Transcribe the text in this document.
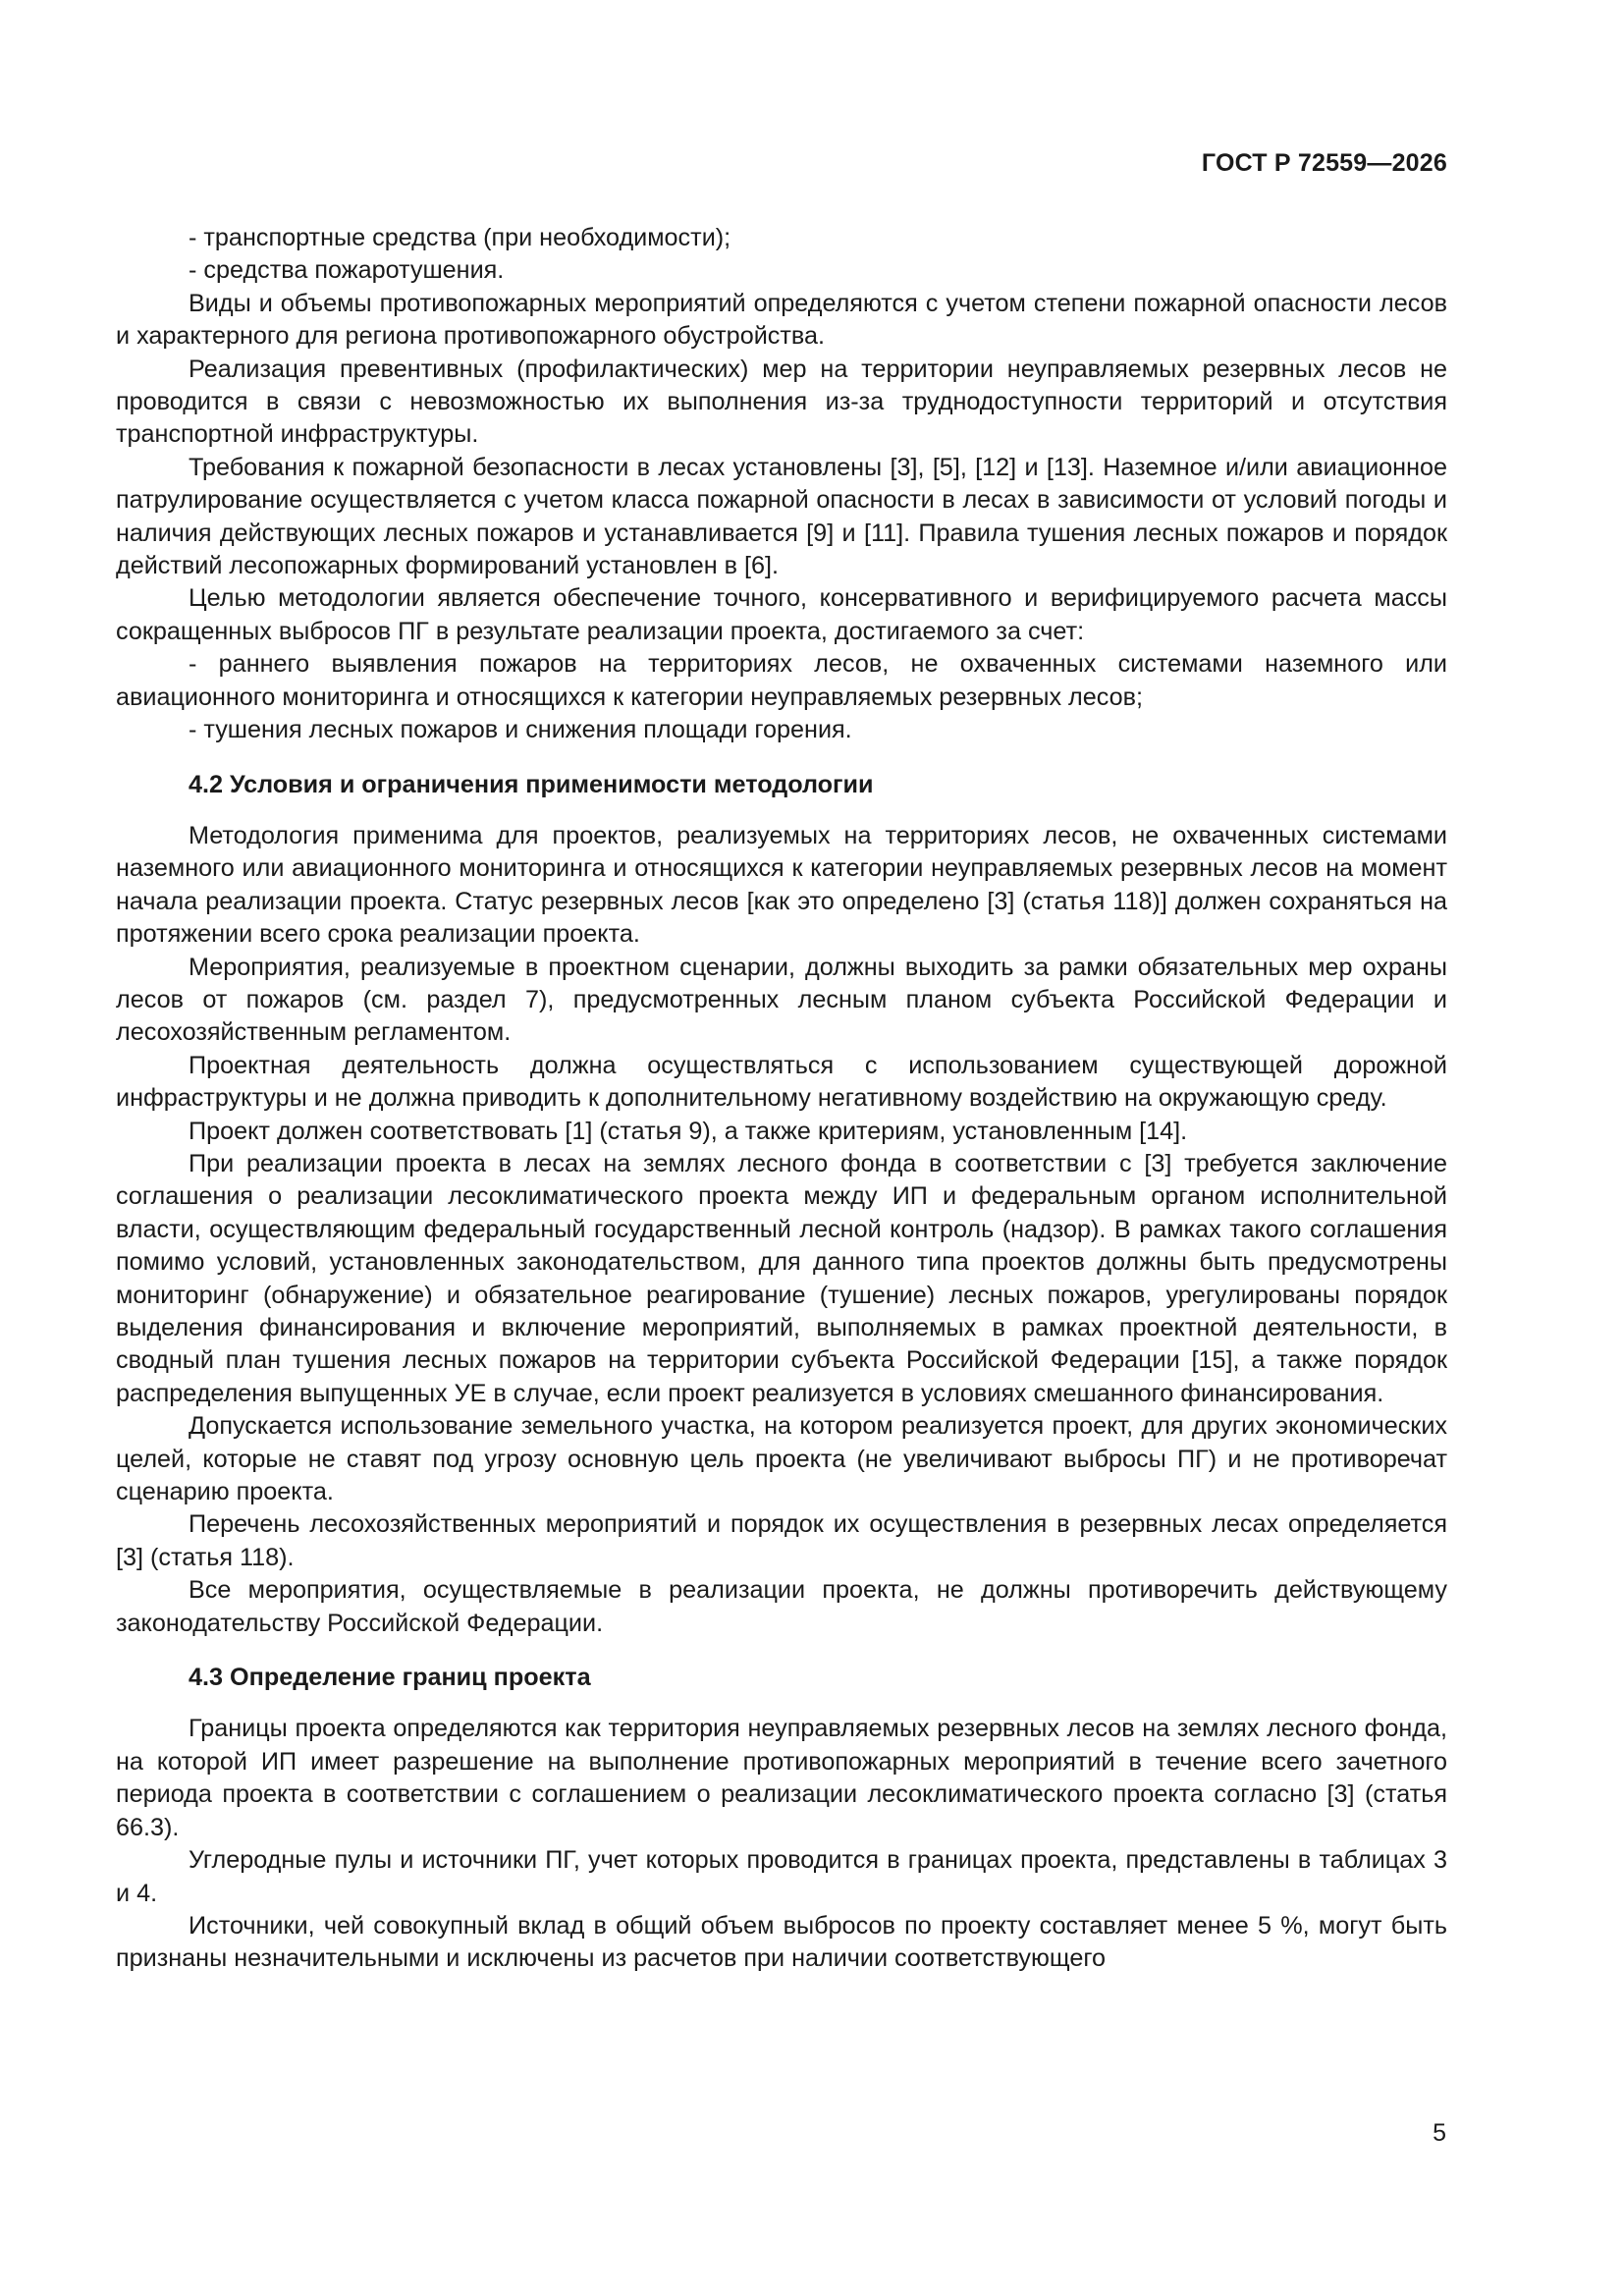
ГОСТ Р 72559—2026

- транспортные средства (при необходимости);

- средства пожаротушения.

Виды и объемы противопожарных мероприятий определяются с учетом степени пожарной опасности лесов и характерного для региона противопожарного обустройства.

Реализация превентивных (профилактических) мер на территории неуправляемых резервных лесов не проводится в связи с невозможностью их выполнения из-за труднодоступности территорий и отсутствия транспортной инфраструктуры.

Требования к пожарной безопасности в лесах установлены [3], [5], [12] и [13]. Наземное и/или авиационное патрулирование осуществляется с учетом класса пожарной опасности в лесах в зависимости от условий погоды и наличия действующих лесных пожаров и устанавливается [9] и [11]. Правила тушения лесных пожаров и порядок действий лесопожарных формирований установлен в [6].

Целью методологии является обеспечение точного, консервативного и верифицируемого расчета массы сокращенных выбросов ПГ в результате реализации проекта, достигаемого за счет:

- раннего выявления пожаров на территориях лесов, не охваченных системами наземного или авиационного мониторинга и относящихся к категории неуправляемых резервных лесов;

- тушения лесных пожаров и снижения площади горения.

4.2 Условия и ограничения применимости методологии

Методология применима для проектов, реализуемых на территориях лесов, не охваченных системами наземного или авиационного мониторинга и относящихся к категории неуправляемых резервных лесов на момент начала реализации проекта. Статус резервных лесов [как это определено [3] (статья 118)] должен сохраняться на протяжении всего срока реализации проекта.

Мероприятия, реализуемые в проектном сценарии, должны выходить за рамки обязательных мер охраны лесов от пожаров (см. раздел 7), предусмотренных лесным планом субъекта Российской Федерации и лесохозяйственным регламентом.

Проектная деятельность должна осуществляться с использованием существующей дорожной инфраструктуры и не должна приводить к дополнительному негативному воздействию на окружающую среду.

Проект должен соответствовать [1] (статья 9), а также критериям, установленным [14].

При реализации проекта в лесах на землях лесного фонда в соответствии с [3] требуется заключение соглашения о реализации лесоклиматического проекта между ИП и федеральным органом исполнительной власти, осуществляющим федеральный государственный лесной контроль (надзор). В рамках такого соглашения помимо условий, установленных законодательством, для данного типа проектов должны быть предусмотрены мониторинг (обнаружение) и обязательное реагирование (тушение) лесных пожаров, урегулированы порядок выделения финансирования и включение мероприятий, выполняемых в рамках проектной деятельности, в сводный план тушения лесных пожаров на территории субъекта Российской Федерации [15], а также порядок распределения выпущенных УЕ в случае, если проект реализуется в условиях смешанного финансирования.

Допускается использование земельного участка, на котором реализуется проект, для других экономических целей, которые не ставят под угрозу основную цель проекта (не увеличивают выбросы ПГ) и не противоречат сценарию проекта.

Перечень лесохозяйственных мероприятий и порядок их осуществления в резервных лесах определяется [3] (статья 118).

Все мероприятия, осуществляемые в реализации проекта, не должны противоречить действующему законодательству Российской Федерации.

4.3 Определение границ проекта

Границы проекта определяются как территория неуправляемых резервных лесов на землях лесного фонда, на которой ИП имеет разрешение на выполнение противопожарных мероприятий в течение всего зачетного периода проекта в соответствии с соглашением о реализации лесоклиматического проекта согласно [3] (статья 66.3).

Углеродные пулы и источники ПГ, учет которых проводится в границах проекта, представлены в таблицах 3 и 4.

Источники, чей совокупный вклад в общий объем выбросов по проекту составляет менее 5 %, могут быть признаны незначительными и исключены из расчетов при наличии соответствующего

5
